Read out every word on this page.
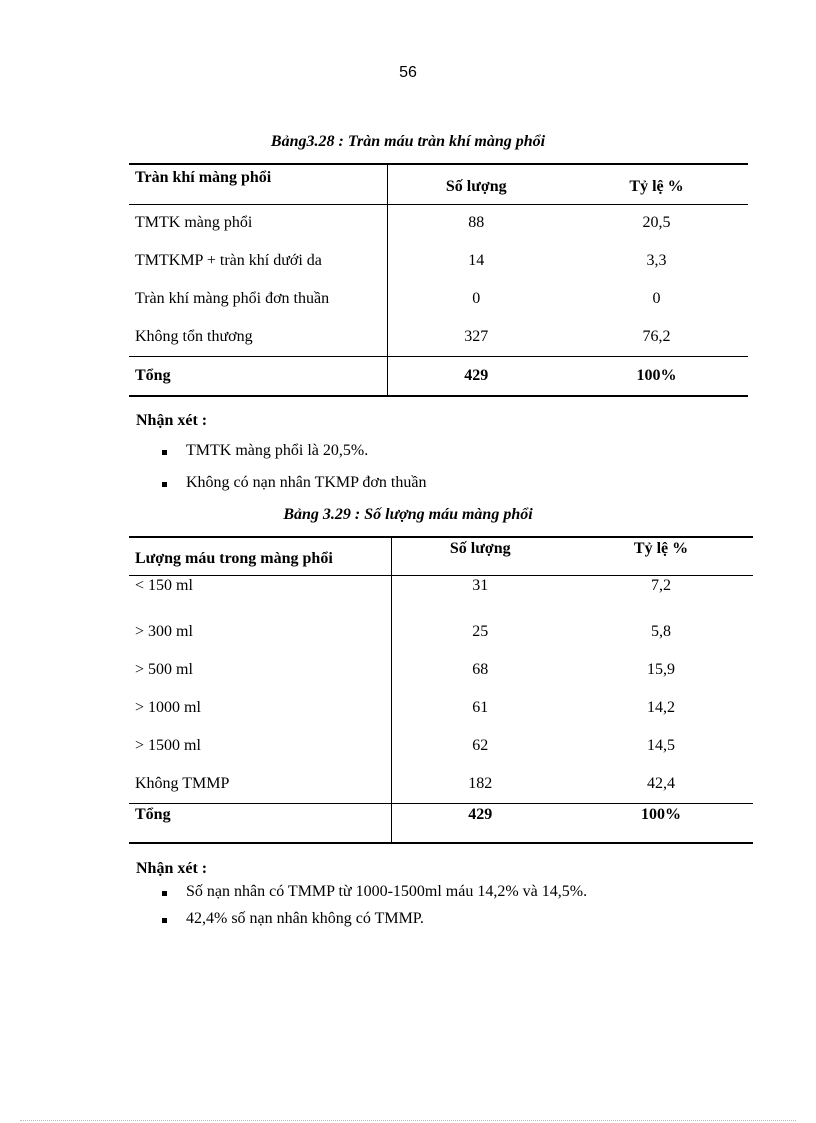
56
Bảng3.28 : Tràn máu tràn khí màng phổi
Tràn khí màng phổi	Số lượng	Tỷ lệ %
TMTK màng phổi	88	20,5
TMTKMP + tràn khí dưới da	14	3,3
Tràn khí màng phổi đơn thuần	0	0
Không tổn thương	327	76,2
Tổng	429	100%
Nhận xét :
TMTK màng phổi là 20,5%.
Không có nạn nhân TKMP đơn thuần
Bảng 3.29 : Số lượng máu màng phổi
Lượng máu trong màng phổi	Số lượng	Tỷ lệ %
< 150 ml	31	7,2
> 300 ml	25	5,8
> 500 ml	68	15,9
> 1000 ml	61	14,2
> 1500 ml	62	14,5
Không TMMP	182	42,4
Tổng	429	100%
Nhận xét :
Số nạn nhân có TMMP từ 1000-1500ml máu 14,2% và 14,5%.
42,4% số nạn nhân không có TMMP.
